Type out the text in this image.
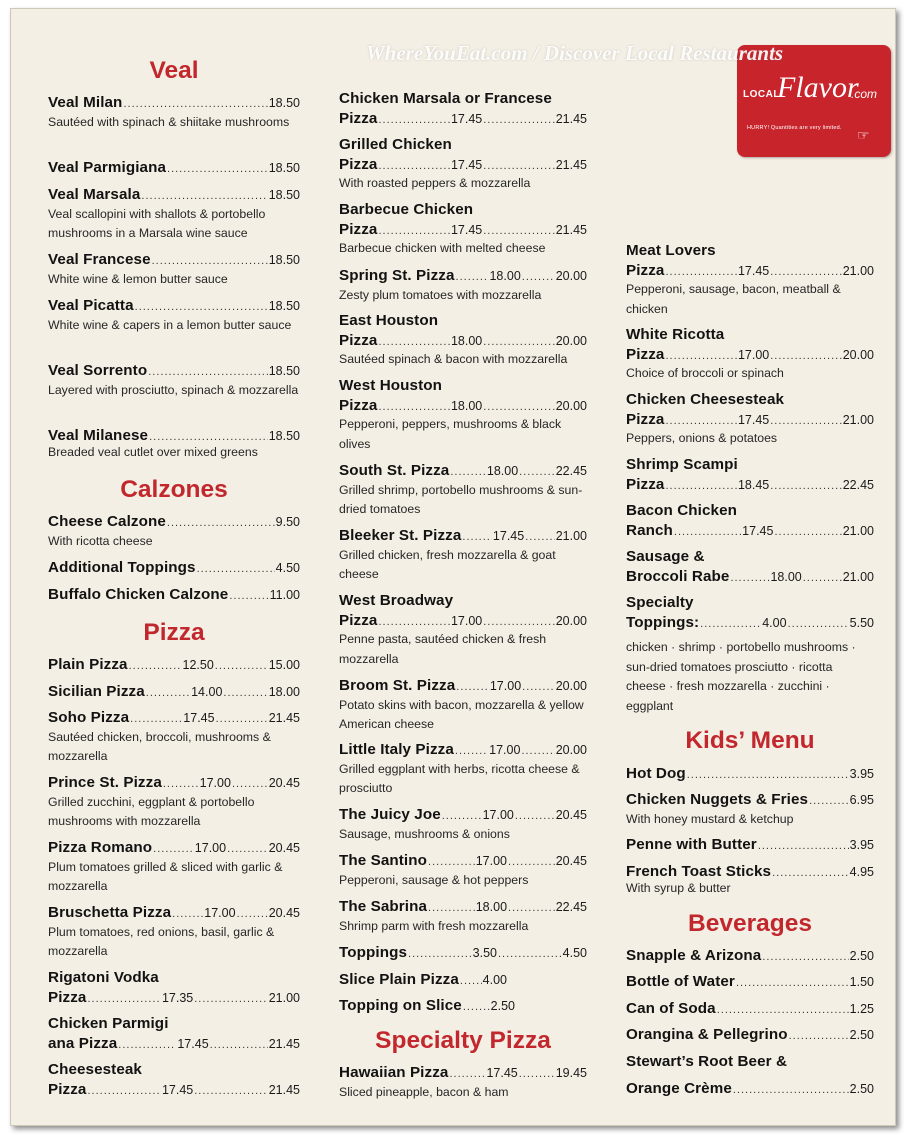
WhereYouEat.com / Discover Local Restaurants
LOCAL
Flavor
.com
HURRY! Quantities are very limited. ☞
Veal
Veal Milan .....	18.50
Sautéed with spinach & shiitake mushrooms
Veal Parmigiana .....	18.50
Veal Marsala .....	18.50
Veal scallopini with shallots & portobello mushrooms in a Marsala wine sauce
Veal Francese .....	18.50
White wine & lemon butter sauce
Veal Picatta .....	18.50
White wine & capers in a lemon butter sauce
Veal Sorrento .....	18.50
Layered with prosciutto, spinach & mozzarella
Veal Milanese .....	18.50
Breaded veal cutlet over mixed greens
Calzones
Cheese Calzone .....	9.50
With ricotta cheese
Additional Toppings .....	4.50
Buffalo Chicken Calzone .....	11.00
Pizza
Plain Pizza .....	12.50 .....	15.00
Sicilian Pizza .....	14.00 .....	18.00
Soho Pizza .....	17.45 .....	21.45
Sautéed chicken, broccoli, mushrooms & mozzarella
Prince St. Pizza .....	17.00 .....	20.45
Grilled zucchini, eggplant & portobello mushrooms with mozzarella
Pizza Romano .....	17.00 .....	20.45
Plum tomatoes grilled & sliced with garlic & mozzarella
Bruschetta Pizza .....	17.00 .....	20.45
Plum tomatoes, red onions, basil, garlic & mozzarella
Rigatoni Vodka
Pizza .....	17.35 .....	21.00
Chicken Parmigi
ana Pizza .....	17.45 .....	21.45
Cheesesteak
Pizza .....	17.45 .....	21.45
Chicken Marsala or Francese
Pizza .....	17.45 .....	21.45
Grilled Chicken
Pizza .....	17.45 .....	21.45
With roasted peppers & mozzarella
Barbecue Chicken
Pizza .....	17.45 .....	21.45
Barbecue chicken with melted cheese
Spring St. Pizza .....	18.00 .....	20.00
Zesty plum tomatoes with mozzarella
East Houston
Pizza .....	18.00 .....	20.00
Sautéed spinach & bacon with mozzarella
West Houston
Pizza .....	18.00 .....	20.00
Pepperoni, peppers, mushrooms & black olives
South St. Pizza .....	18.00 .....	22.45
Grilled shrimp, portobello mushrooms & sun-dried tomatoes
Bleeker St. Pizza .....	17.45 .....	21.00
Grilled chicken, fresh mozzarella & goat cheese
West Broadway
Pizza .....	17.00 .....	20.00
Penne pasta, sautéed chicken & fresh mozzarella
Broom St. Pizza .....	17.00 .....	20.00
Potato skins with bacon, mozzarella & yellow American cheese
Little Italy Pizza .....	17.00 .....	20.00
Grilled eggplant with herbs, ricotta cheese & prosciutto
The Juicy Joe .....	17.00 .....	20.45
Sausage, mushrooms & onions
The Santino .....	17.00 .....	20.45
Pepperoni, sausage & hot peppers
The Sabrina .....	18.00 .....	22.45
Shrimp parm with fresh mozzarella
Toppings .....	3.50 .....	4.50
Slice Plain Pizza ..... 4.00
Topping on Slice ..... 2.50
Specialty Pizza
Hawaiian Pizza .....	17.45 .....	19.45
Sliced pineapple, bacon & ham
Meat Lovers
Pizza .....	17.45 .....	21.00
Pepperoni, sausage, bacon, meatball & chicken
White Ricotta
Pizza .....	17.00 .....	20.00
Choice of broccoli or spinach
Chicken Cheesesteak
Pizza .....	17.45 .....	21.00
Peppers, onions & potatoes
Shrimp Scampi
Pizza .....	18.45 .....	22.45
Bacon Chicken
Ranch .....	17.45 .....	21.00
Sausage &
Broccoli Rabe .....	18.00 .....	21.00
Specialty
Toppings: .....	4.00 .....	5.50
chicken · shrimp · portobello mushrooms · sun-dried tomatoes prosciutto · ricotta cheese · fresh mozzarella · zucchini · eggplant
Kids’ Menu
Hot Dog .....	3.95
Chicken Nuggets & Fries .....	6.95
With honey mustard & ketchup
Penne with Butter .....	3.95
French Toast Sticks .....	4.95
With syrup & butter
Beverages
Snapple & Arizona .....	2.50
Bottle of Water .....	1.50
Can of Soda .....	1.25
Orangina & Pellegrino .....	2.50
Stewart’s Root Beer &
Orange Crème .....	2.50
